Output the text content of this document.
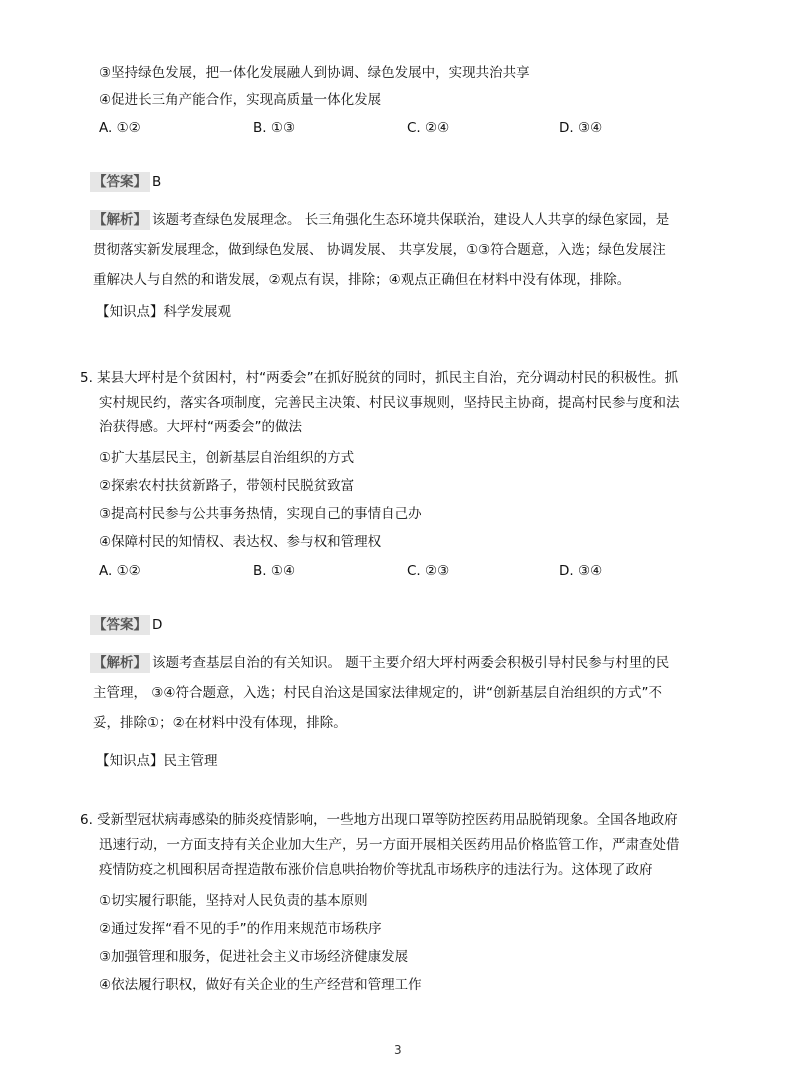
③坚持绿色发展，把一体化发展融人到协调、绿色发展中，实现共治共享
④促进长三角产能合作，实现高质量一体化发展
A. ①②	B. ①③	C. ②④	D. ③④
【答案】 B
【解析】 该题考查绿色发展理念。 长三角强化生态环境共保联治，建设人人共享的绿色家园，是
贯彻落实新发展理念，做到绿色发展、 协调发展、 共享发展，①③符合题意，入选；绿色发展注
重解决人与自然的和谐发展，②观点有误，排除；④观点正确但在材料中没有体现，排除。
【知识点】科学发展观
5. 某县大坪村是个贫困村，村“两委会”在抓好脱贫的同时，抓民主自治，充分调动村民的积极性。抓
实村规民约，落实各项制度，完善民主决策、村民议事规则，坚持民主协商，提高村民参与度和法
治获得感。大坪村“两委会”的做法
①扩大基层民主，创新基层自治组织的方式
②探索农村扶贫新路子，带领村民脱贫致富
③提高村民参与公共事务热情，实现自己的事情自己办
④保障村民的知情权、表达权、参与权和管理权
A. ①②	B. ①④	C. ②③	D. ③④
【答案】 D
【解析】 该题考查基层自治的有关知识。 题干主要介绍大坪村两委会积极引导村民参与村里的民
主管理， ③④符合题意，入选；村民自治这是国家法律规定的，讲“创新基层自治组织的方式”不
妥，排除①；②在材料中没有体现，排除。
【知识点】民主管理
6. 受新型冠状病毒感染的肺炎疫情影响，一些地方出现口罩等防控医药用品脱销现象。全国各地政府
迅速行动，一方面支持有关企业加大生产，另一方面开展相关医药用品价格监管工作，严肃查处借
疫情防疫之机囤积居奇捏造散布涨价信息哄抬物价等扰乱市场秩序的违法行为。这体现了政府
①切实履行职能，坚持对人民负责的基本原则
②通过发挥“看不见的手”的作用来规范市场秩序
③加强管理和服务，促进社会主义市场经济健康发展
④依法履行职权，做好有关企业的生产经营和管理工作
3
